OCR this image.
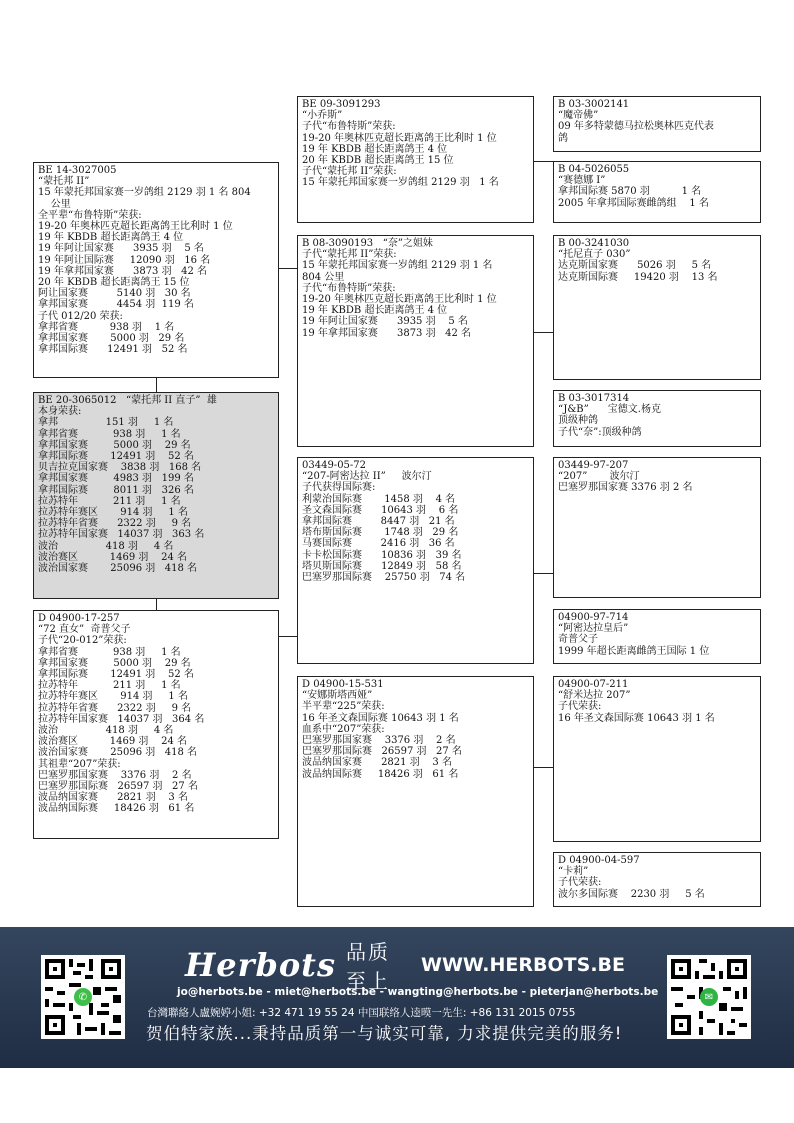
BE 09-3091293
“小乔斯”
子代“布鲁特斯”荣获:
19-20 年奥林匹克超长距离鸽王比利时 1 位
19 年 KBDB 超长距离鸽王 4 位
20 年 KBDB 超长距离鸽王 15 位
子代“蒙托邦 II”荣获:
15 年蒙托邦国家赛一岁鸽组 2129 羽   1 名
B 03-3002141
“魔帝佛”
09 年多特蒙德马拉松奥林匹克代表
鸽
B 04-5026055
“赛德娜 I”
拿邦国际赛 5870 羽          1 名
2005 年拿邦国际赛雌鸽组    1 名
BE 14-3027005
“蒙托邦 II”
15 年蒙托邦国家赛一岁鸽组 2129 羽 1 名 804
公里
全平辈“布鲁特斯”荣获:
19-20 年奥林匹克超长距离鸽王比利时 1 位
19 年 KBDB 超长距离鸽王 4 位
19 年阿让国家赛      3935 羽    5 名
19 年阿让国际赛     12090 羽   16 名
19 年拿邦国家赛      3873 羽   42 名
20 年 KBDB 超长距离鸽王 15 位
阿让国家赛         5140 羽   30 名
拿邦国家赛         4454 羽  119 名
子代 012/20 荣获:
拿邦省赛          938 羽    1 名
拿邦国家赛       5000 羽   29 名
拿邦国际赛      12491 羽   52 名
B 08-3090193   “奈”之姐妹
子代“蒙托邦 II”荣获:
15 年蒙托邦国家赛一岁鸽组 2129 羽 1 名
804 公里
子代“布鲁特斯”荣获:
19-20 年奥林匹克超长距离鸽王比利时 1 位
19 年 KBDB 超长距离鸽王 4 位
19 年阿让国家赛      3935 羽    5 名
19 年拿邦国家赛      3873 羽   42 名
B 00-3241030
“托尼直子 030”
达克斯国家赛      5026 羽     5 名
达克斯国际赛     19420 羽    13 名
B 03-3017314
“J&B”      宝德文.杨克
顶级种鸽
子代“奈”:顶级种鸽
BE 20-3065012   “蒙托邦 II 直子”  雄
本身荣获:
拿邦               151 羽     1 名
拿邦省赛           938 羽     1 名
拿邦国家赛        5000 羽    29 名
拿邦国际赛       12491 羽    52 名
贝吉拉克国家赛    3838 羽   168 名
拿邦国家赛        4983 羽   199 名
拿邦国际赛        8011 羽   326 名
拉苏特年           211 羽     1 名
拉苏特年赛区       914 羽     1 名
拉苏特年省赛      2322 羽     9 名
拉苏特年国家赛   14037 羽   363 名
波治               418 羽     4 名
波治赛区          1469 羽    24 名
波治国家赛       25096 羽   418 名
03449-05-72
“207-阿密达拉 II”     波尔汀
子代获得国际赛:
利蒙治国际赛       1458 羽    4 名
圣文森国际赛      10643 羽    6 名
拿邦国际赛         8447 羽   21 名
塔布斯国际赛       1748 羽   29 名
马赛国际赛         2416 羽   36 名
卡卡松国际赛      10836 羽   39 名
塔贝斯国际赛      12849 羽   58 名
巴塞罗那国际赛    25750 羽   74 名
03449-97-207
“207”       波尔汀
巴塞罗那国家赛 3376 羽 2 名
04900-97-714
“阿密达拉皇后”
奇普父子
1999 年超长距离雌鸽王国际 1 位
D 04900-17-257
“72 直女”  奇普父子
子代“20-012”荣获:
拿邦省赛           938 羽     1 名
拿邦国家赛        5000 羽    29 名
拿邦国际赛       12491 羽    52 名
拉苏特年           211 羽     1 名
拉苏特年赛区       914 羽     1 名
拉苏特年省赛      2322 羽     9 名
拉苏特年国家赛   14037 羽   364 名
波治               418 羽     4 名
波治赛区          1469 羽    24 名
波治国家赛       25096 羽   418 名
其祖辈“207”荣获:
巴塞罗那国家赛    3376 羽    2 名
巴塞罗那国际赛   26597 羽   27 名
波品纳国家赛      2821 羽    3 名
波品纳国际赛     18426 羽   61 名
D 04900-15-531
“安娜斯塔西娅”
半平辈“225”荣获:
16 年圣文森国际赛 10643 羽 1 名
血系中“207”荣获:
巴塞罗那国家赛    3376 羽    2 名
巴塞罗那国际赛   26597 羽   27 名
波品纳国家赛      2821 羽    3 名
波品纳国际赛     18426 羽   61 名
04900-07-211
“舒米达拉 207”
子代荣获:
16 年圣文森国际赛 10643 羽 1 名
D 04900-04-597
“卡莉”
子代荣获:
波尔多国际赛    2230 羽     5 名
✆	✉
Herbots 品质至上
WWW.HERBOTS.BE
jo@herbots.be - miet@herbots.be - wangting@herbots.be - pieterjan@herbots.be
台灣聯絡人盧婉婷小姐: +32 471 19 55 24 中国联络人逵暯一先生: +86 131 2015 0755
贺伯特家族...秉持品质第一与诚实可靠, 力求提供完美的服务!
